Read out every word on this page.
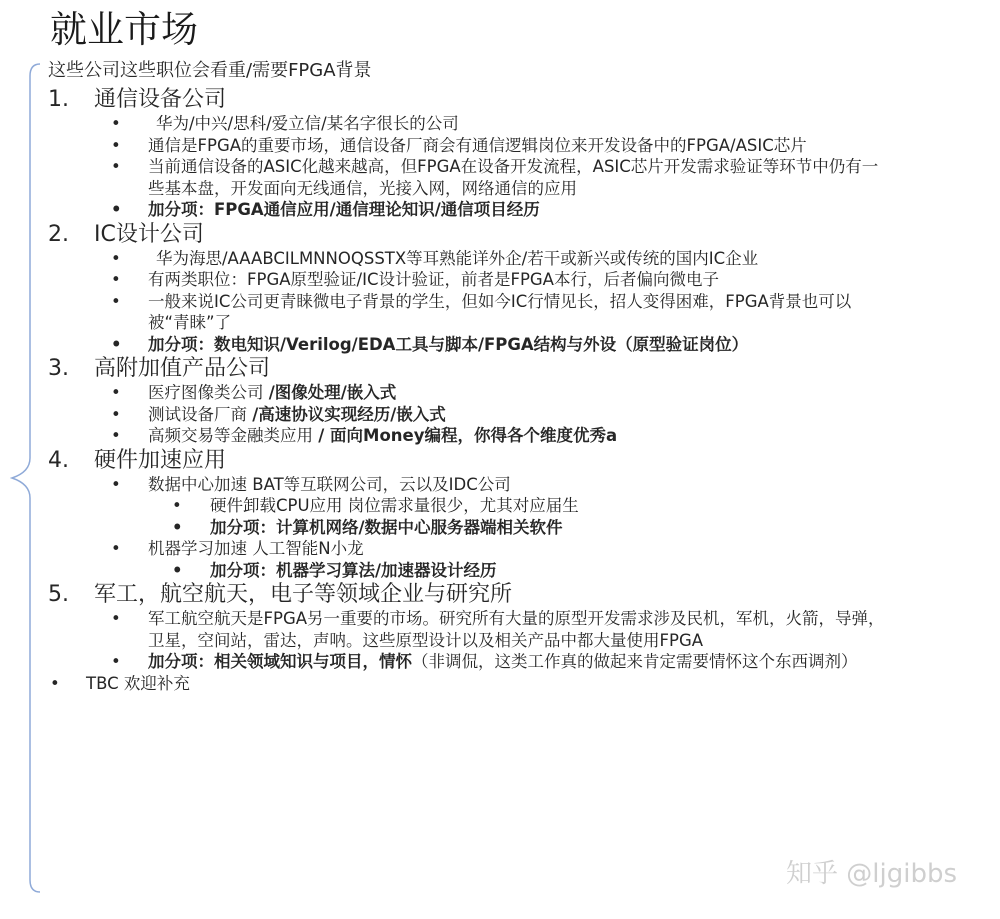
就业市场
这些公司这些职位会看重/需要FPGA背景
1. 通信设备公司
• 华为/中兴/思科/爱立信/某名字很长的公司
• 通信是FPGA的重要市场，通信设备厂商会有通信逻辑岗位来开发设备中的FPGA/ASIC芯片
• 当前通信设备的ASIC化越来越高，但FPGA在设备开发流程，ASIC芯片开发需求验证等环节中仍有一些基本盘，开发面向无线通信，光接入网，网络通信的应用
• 加分项：FPGA通信应用/通信理论知识/通信项目经历
2. IC设计公司
• 华为海思/AAABCILMNNOQSSTX等耳熟能详外企/若干或新兴或传统的国内IC企业
• 有两类职位：FPGA原型验证/IC设计验证，前者是FPGA本行，后者偏向微电子
• 一般来说IC公司更青睐微电子背景的学生，但如今IC行情见长，招人变得困难，FPGA背景也可以被“青睐”了
• 加分项：数电知识/Verilog/EDA工具与脚本/FPGA结构与外设（原型验证岗位）
3. 高附加值产品公司
• 医疗图像类公司 /图像处理/嵌入式
• 测试设备厂商 /高速协议实现经历/嵌入式
• 高频交易等金融类应用 / 面向Money编程，你得各个维度优秀a
4. 硬件加速应用
• 数据中心加速 BAT等互联网公司，云以及IDC公司
• 硬件卸载CPU应用 岗位需求量很少，尤其对应届生
• 加分项：计算机网络/数据中心服务器端相关软件
• 机器学习加速 人工智能N小龙
• 加分项：机器学习算法/加速器设计经历
5. 军工，航空航天，电子等领域企业与研究所
• 军工航空航天是FPGA另一重要的市场。研究所有大量的原型开发需求涉及民机，军机，火箭，导弹，卫星，空间站，雷达，声呐。这些原型设计以及相关产品中都大量使用FPGA
• 加分项：相关领域知识与项目，情怀（非调侃，这类工作真的做起来肯定需要情怀这个东西调剂）
• TBC 欢迎补充
知乎 @ljgibbs
